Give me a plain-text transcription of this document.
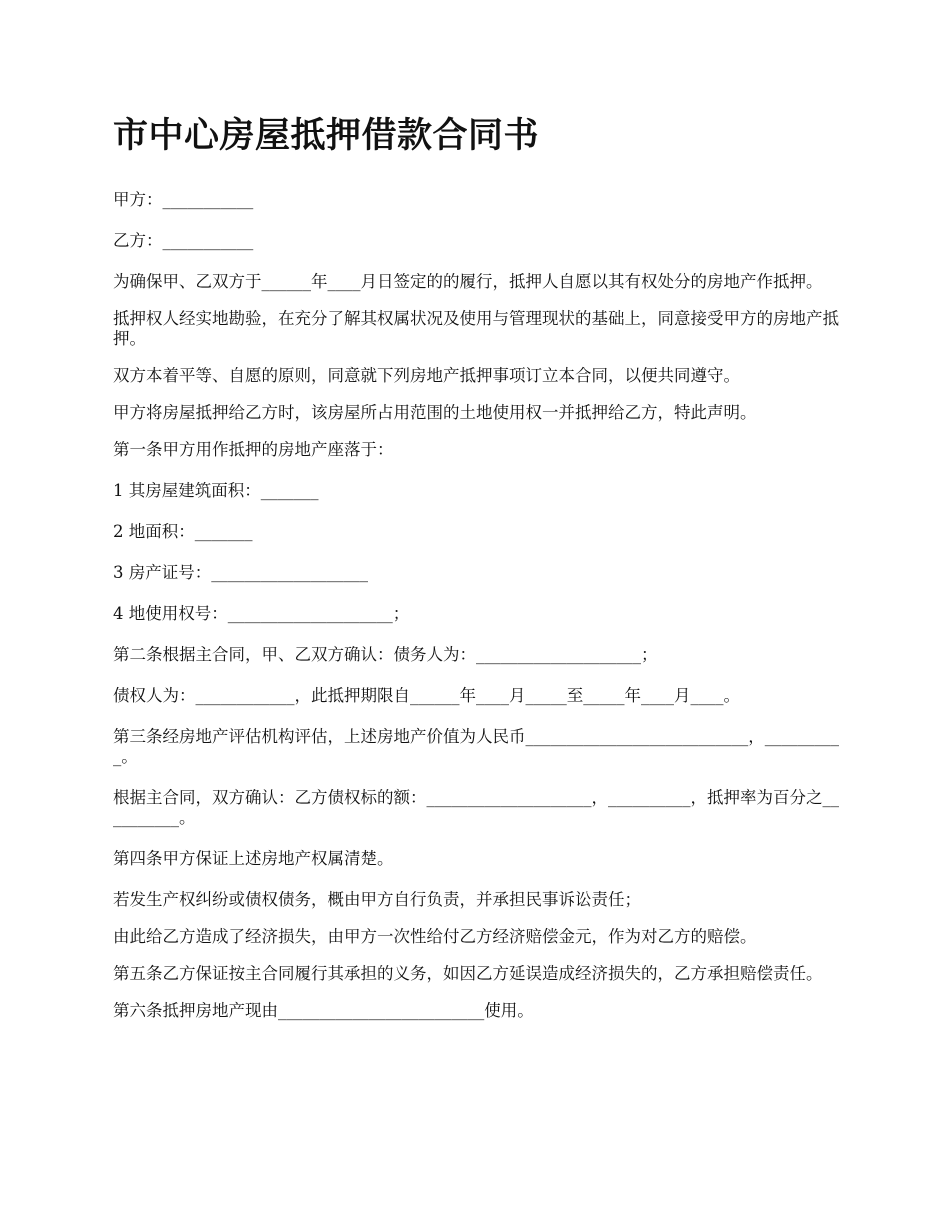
市中心房屋抵押借款合同书

甲方：___________

乙方：___________

为确保甲、乙双方于______年____月日签定的的履行，抵押人自愿以其有权处分的房地产作抵押。

抵押权人经实地勘验，在充分了解其权属状况及使用与管理现状的基础上，同意接受甲方的房地产抵押。

双方本着平等、自愿的原则，同意就下列房地产抵押事项订立本合同，以便共同遵守。

甲方将房屋抵押给乙方时，该房屋所占用范围的土地使用权一并抵押给乙方，特此声明。

第一条甲方用作抵押的房地产座落于：

1 其房屋建筑面积：_______

2 地面积：_______

3 房产证号：___________________

4 地使用权号：____________________；

第二条根据主合同，甲、乙双方确认：债务人为：____________________；

债权人为：____________，此抵押期限自______年____月_____至_____年____月____。

第三条经房地产评估机构评估，上述房地产价值为人民币___________________________，__________。

根据主合同，双方确认：乙方债权标的额：____________________，__________，抵押率为百分之__________。

第四条甲方保证上述房地产权属清楚。

若发生产权纠纷或债权债务，概由甲方自行负责，并承担民事诉讼责任；

由此给乙方造成了经济损失，由甲方一次性给付乙方经济赔偿金元，作为对乙方的赔偿。

第五条乙方保证按主合同履行其承担的义务，如因乙方延误造成经济损失的，乙方承担赔偿责任。

第六条抵押房地产现由_________________________使用。
